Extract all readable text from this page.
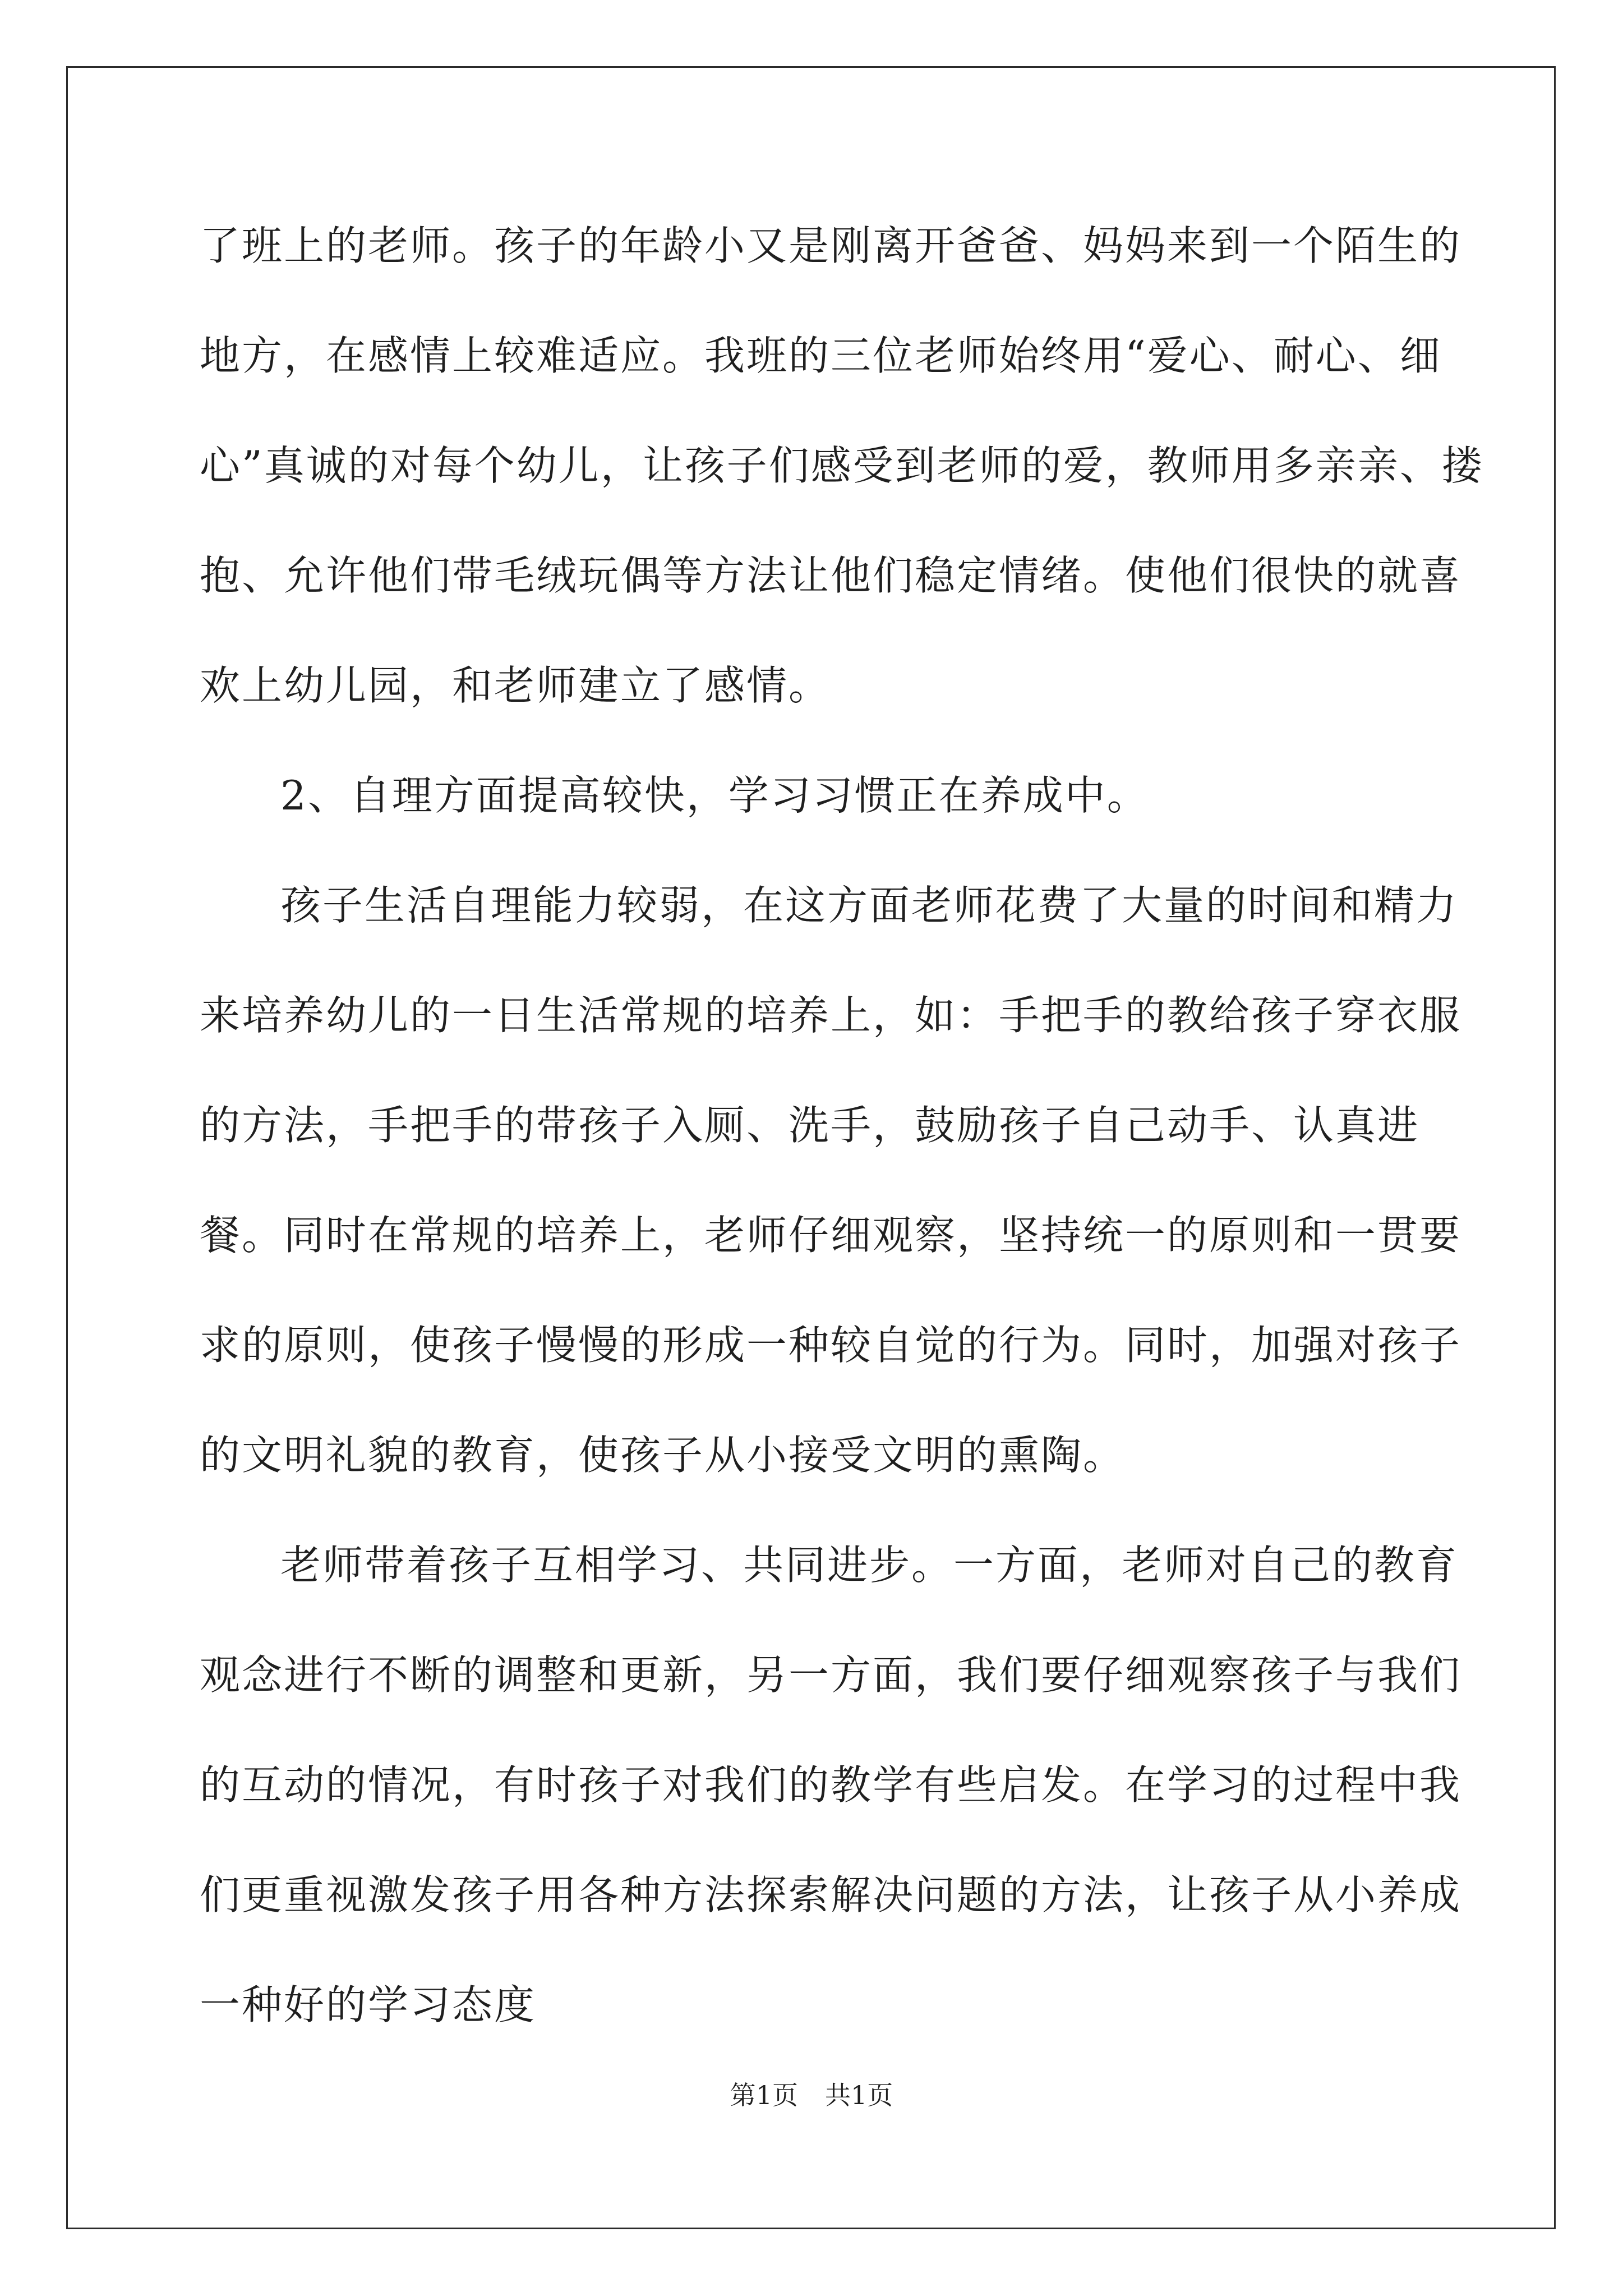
了班上的老师。孩子的年龄小又是刚离开爸爸、妈妈来到一个陌生的地方，在感情上较难适应。我班的三位老师始终用“爱心、耐心、细心”真诚的对每个幼儿，让孩子们感受到老师的爱，教师用多亲亲、搂抱、允许他们带毛绒玩偶等方法让他们稳定情绪。使他们很快的就喜欢上幼儿园，和老师建立了感情。

2、自理方面提高较快，学习习惯正在养成中。

孩子生活自理能力较弱，在这方面老师花费了大量的时间和精力来培养幼儿的一日生活常规的培养上，如：手把手的教给孩子穿衣服的方法，手把手的带孩子入厕、洗手，鼓励孩子自己动手、认真进餐。同时在常规的培养上，老师仔细观察，坚持统一的原则和一贯要求的原则，使孩子慢慢的形成一种较自觉的行为。同时，加强对孩子的文明礼貌的教育，使孩子从小接受文明的熏陶。

老师带着孩子互相学习、共同进步。一方面，老师对自己的教育观念进行不断的调整和更新，另一方面，我们要仔细观察孩子与我们的互动的情况，有时孩子对我们的教学有些启发。在学习的过程中我们更重视激发孩子用各种方法探索解决问题的方法，让孩子从小养成一种好的学习态度

第1页 共1页
